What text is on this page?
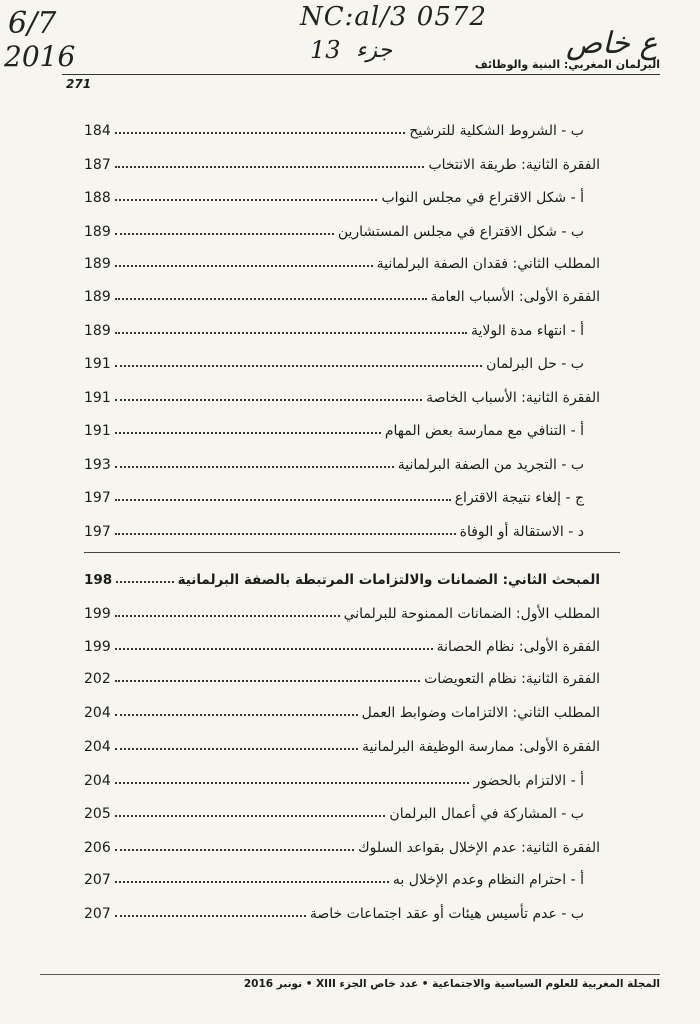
6/7
2016
NC:al/3 0572
13 جزء	ع خاص
البرلمان المغربي: البنية والوظائف
271
ب - الشروط الشكلية للترشيح
184
الفقرة الثانية: طريقة الانتخاب
187
أ - شكل الاقتراع في مجلس النواب
188
ب - شكل الاقتراع في مجلس المستشارين
189
المطلب الثاني: فقدان الصفة البرلمانية
189
الفقرة الأولى: الأسباب العامة
189
أ - انتهاء مدة الولاية
189
ب - حل البرلمان
191
الفقرة الثانية: الأسباب الخاصة
191
أ - التنافي مع ممارسة بعض المهام
191
ب - التجريد من الصفة البرلمانية
193
ج - إلغاء نتيجة الاقتراع
197
د - الاستقالة أو الوفاة
197
المبحث الثاني: الضمانات والالتزامات المرتبطة بالصفة البرلمانية
198
المطلب الأول: الضمانات الممنوحة للبرلماني
199
الفقرة الأولى: نظام الحصانة
199
الفقرة الثانية: نظام التعويضات
202
المطلب الثاني: الالتزامات وضوابط العمل
204
الفقرة الأولى: ممارسة الوظيفة البرلمانية
204
أ - الالتزام بالحضور
204
ب - المشاركة في أعمال البرلمان
205
الفقرة الثانية: عدم الإخلال بقواعد السلوك
206
أ - احترام النظام وعدم الإخلال به
207
ب - عدم تأسيس هيئات أو عقد اجتماعات خاصة
207
المجلة المغربية للعلوم السياسية والاجتماعية • عدد خاص الجزء XIII • نونبر 2016
